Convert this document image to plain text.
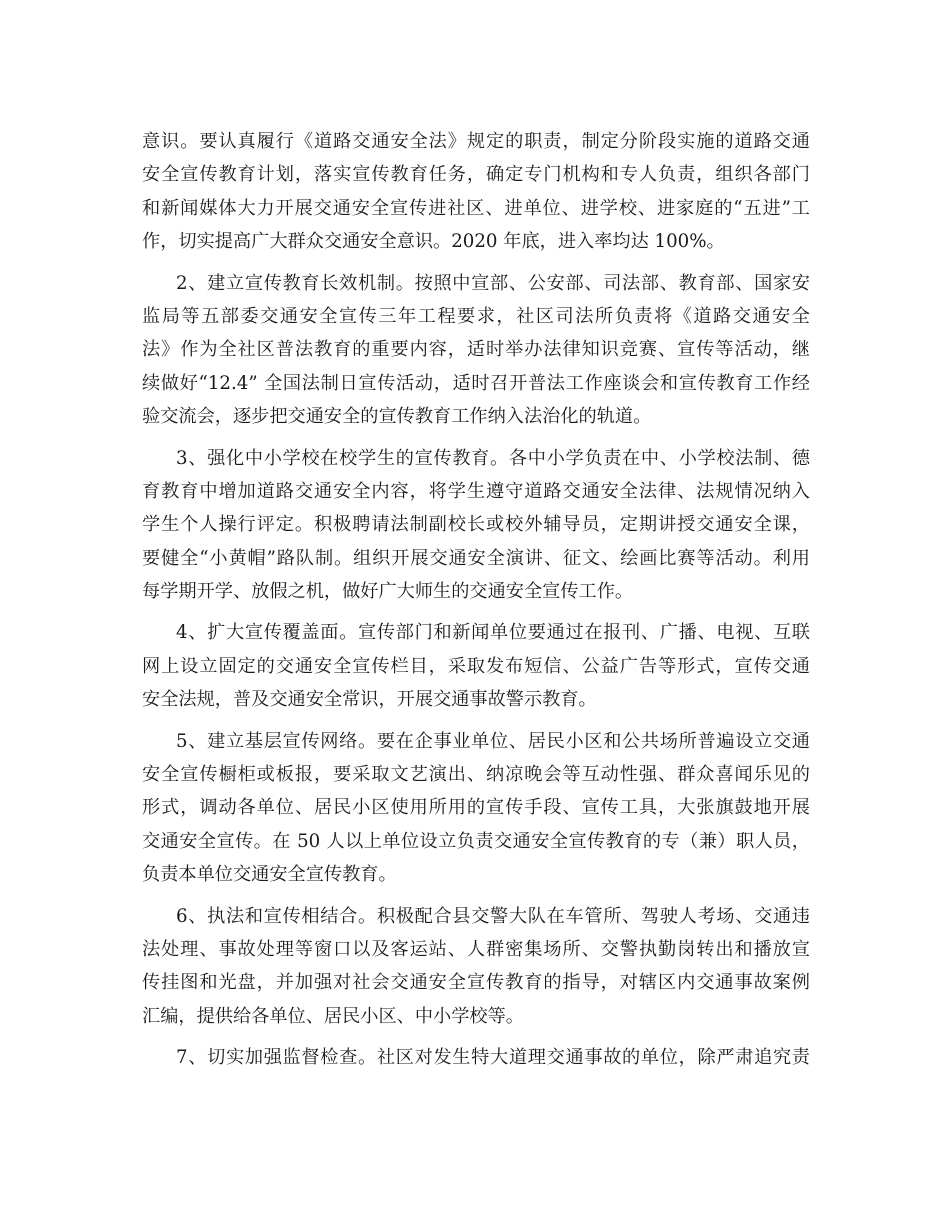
意识。要认真履行《道路交通安全法》规定的职责，制定分阶段实施的道路交通
安全宣传教育计划，落实宣传教育任务，确定专门机构和专人负责，组织各部门
和新闻媒体大力开展交通安全宣传进社区、进单位、进学校、进家庭的“五进”工
作，切实提高广大群众交通安全意识。2020 年底，进入率均达 100%。
2、建立宣传教育长效机制。按照中宣部、公安部、司法部、教育部、国家安
监局等五部委交通安全宣传三年工程要求，社区司法所负责将《道路交通安全
法》作为全社区普法教育的重要内容，适时举办法律知识竞赛、宣传等活动，继
续做好“12.4” 全国法制日宣传活动，适时召开普法工作座谈会和宣传教育工作经
验交流会，逐步把交通安全的宣传教育工作纳入法治化的轨道。
3、强化中小学校在校学生的宣传教育。各中小学负责在中、小学校法制、德
育教育中增加道路交通安全内容，将学生遵守道路交通安全法律、法规情况纳入
学生个人操行评定。积极聘请法制副校长或校外辅导员，定期讲授交通安全课，
要健全“小黄帽”路队制。组织开展交通安全演讲、征文、绘画比赛等活动。利用
每学期开学、放假之机，做好广大师生的交通安全宣传工作。
4、扩大宣传覆盖面。宣传部门和新闻单位要通过在报刊、广播、电视、互联
网上设立固定的交通安全宣传栏目，采取发布短信、公益广告等形式，宣传交通
安全法规，普及交通安全常识，开展交通事故警示教育。
5、建立基层宣传网络。要在企事业单位、居民小区和公共场所普遍设立交通
安全宣传橱柜或板报，要采取文艺演出、纳凉晚会等互动性强、群众喜闻乐见的
形式，调动各单位、居民小区使用所用的宣传手段、宣传工具，大张旗鼓地开展
交通安全宣传。在 50 人以上单位设立负责交通安全宣传教育的专（兼）职人员，
负责本单位交通安全宣传教育。
6、执法和宣传相结合。积极配合县交警大队在车管所、驾驶人考场、交通违
法处理、事故处理等窗口以及客运站、人群密集场所、交警执勤岗转出和播放宣
传挂图和光盘，并加强对社会交通安全宣传教育的指导，对辖区内交通事故案例
汇编，提供给各单位、居民小区、中小学校等。
7、切实加强监督检查。社区对发生特大道理交通事故的单位，除严肃追究责
